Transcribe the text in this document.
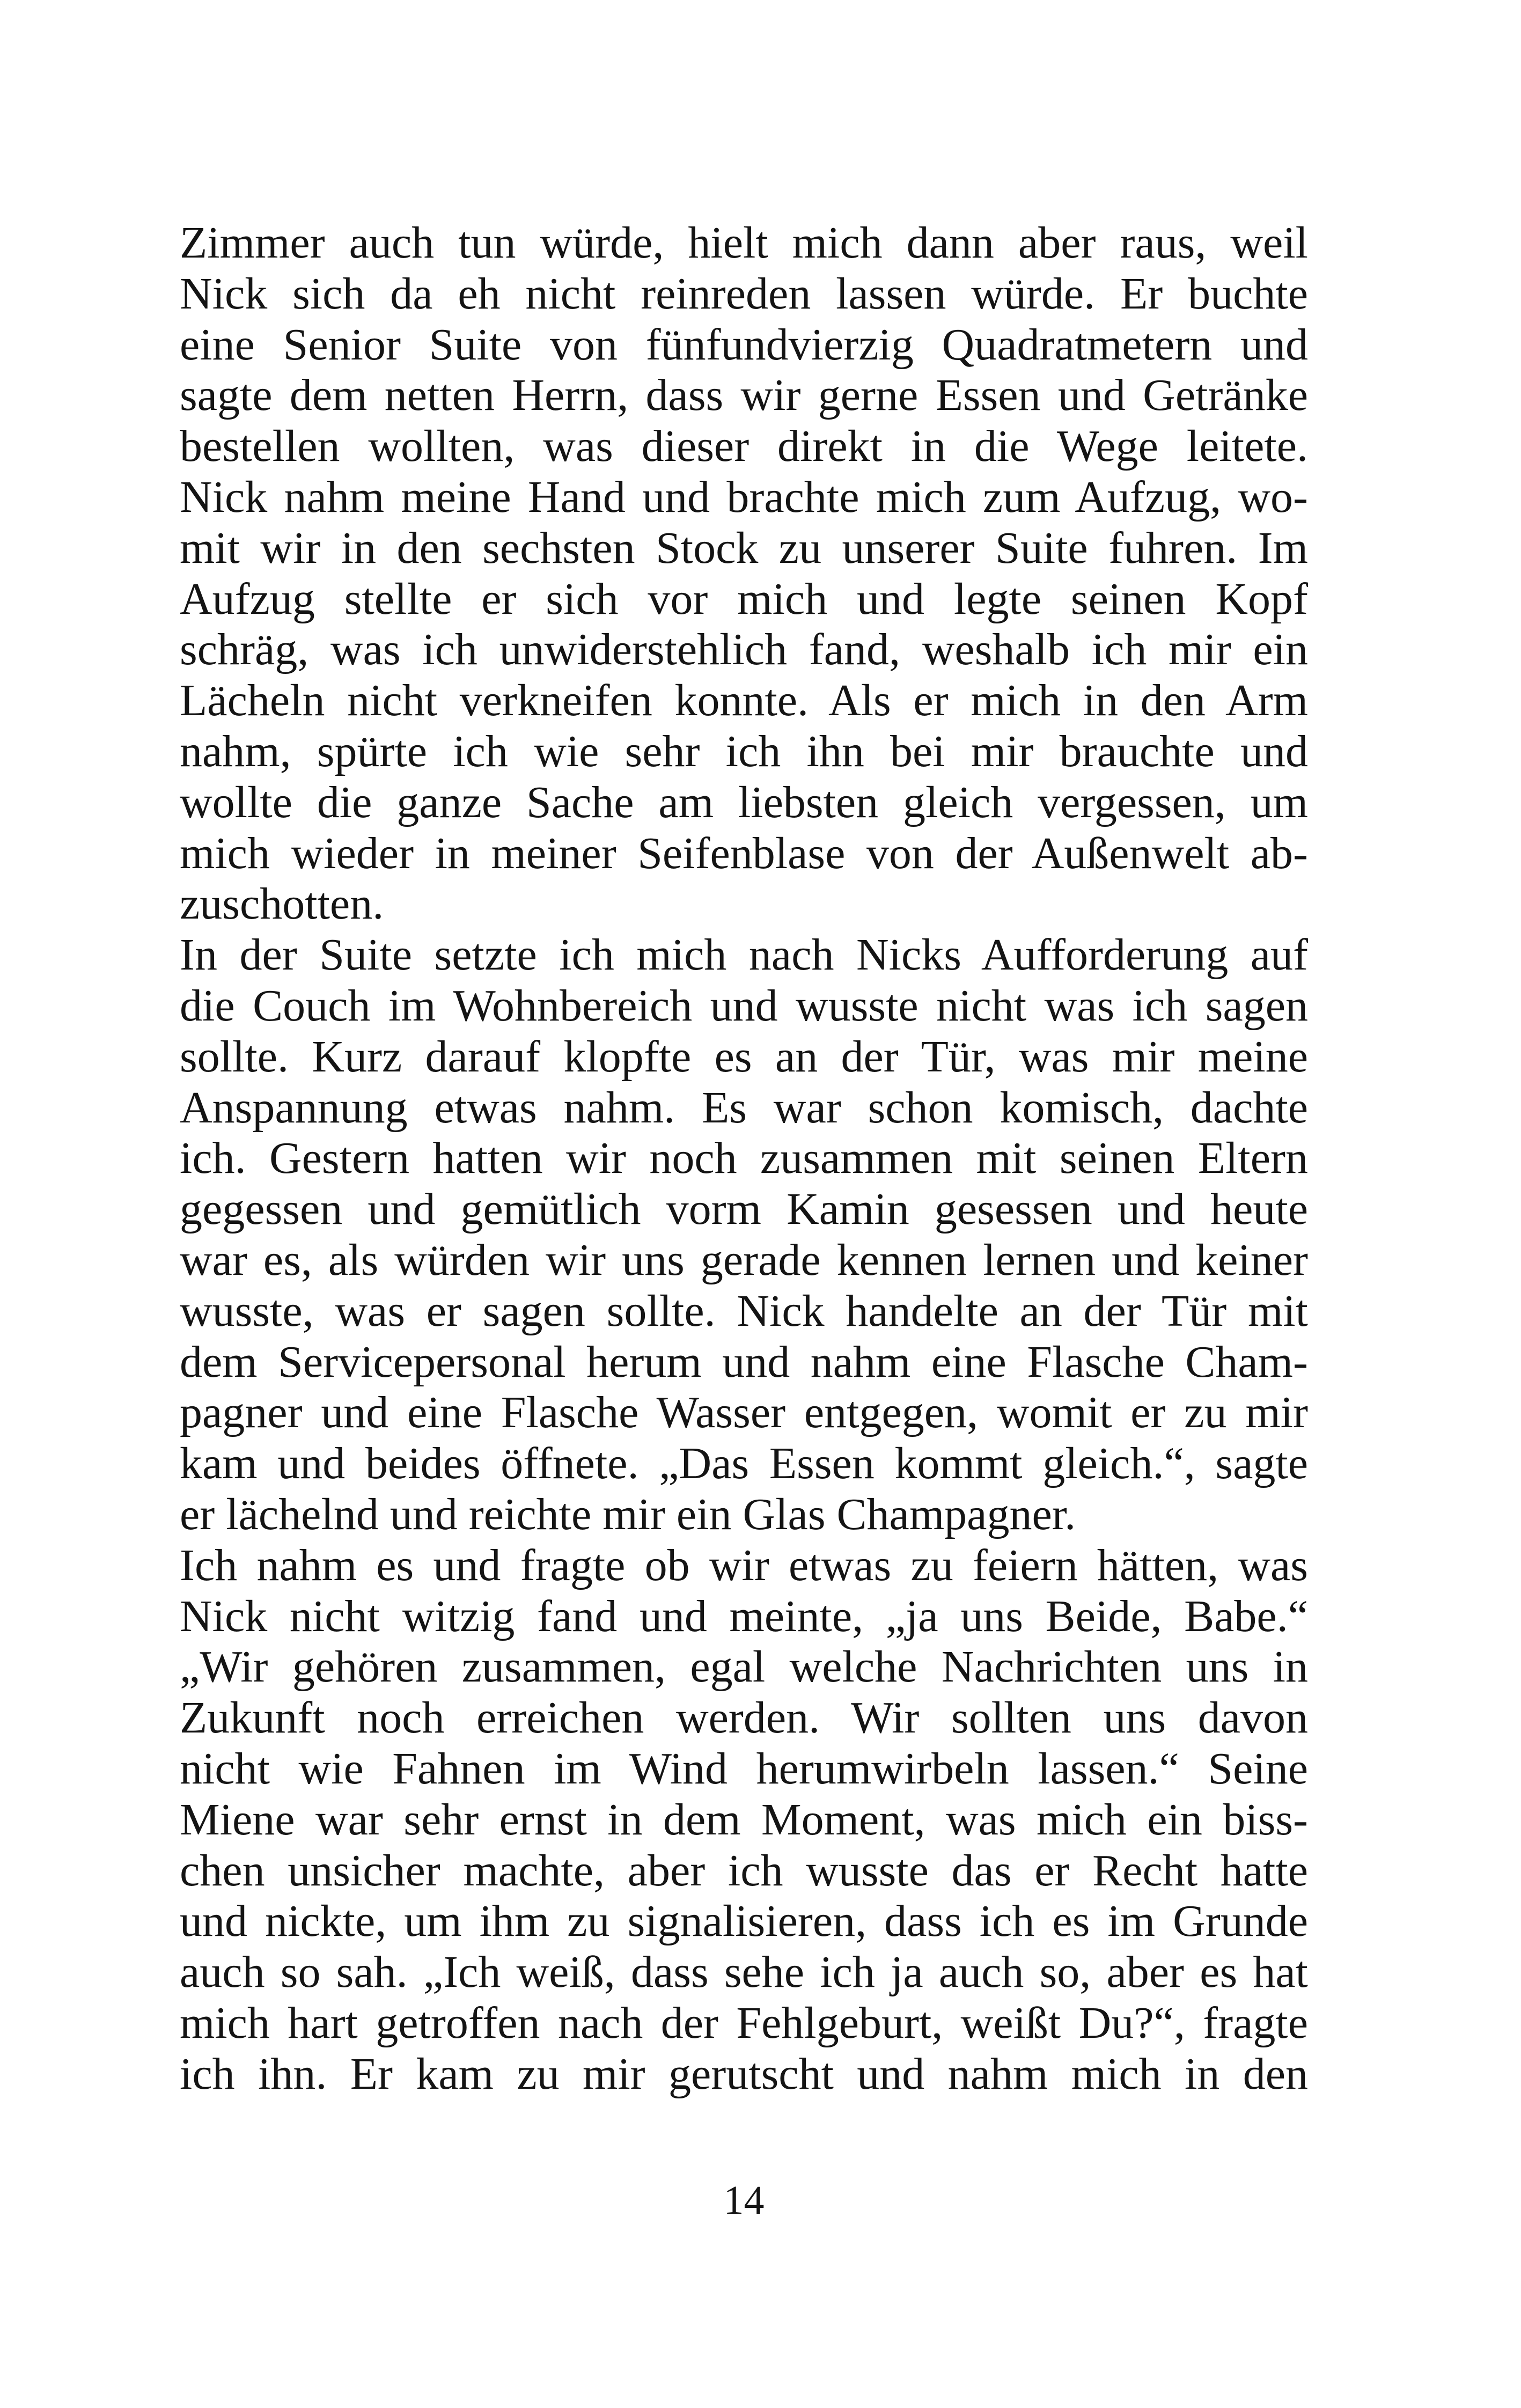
Zimmer auch tun würde, hielt mich dann aber raus, weil
Nick sich da eh nicht reinreden lassen würde. Er buchte
eine Senior Suite von fünfundvierzig Quadratmetern und
sagte dem netten Herrn, dass wir gerne Essen und Getränke
bestellen wollten, was dieser direkt in die Wege leitete.
Nick nahm meine Hand und brachte mich zum Aufzug, wo-
mit wir in den sechsten Stock zu unserer Suite fuhren. Im
Aufzug stellte er sich vor mich und legte seinen Kopf
schräg, was ich unwiderstehlich fand, weshalb ich mir ein
Lächeln nicht verkneifen konnte. Als er mich in den Arm
nahm, spürte ich wie sehr ich ihn bei mir brauchte und
wollte die ganze Sache am liebsten gleich vergessen, um
mich wieder in meiner Seifenblase von der Außenwelt ab-
zuschotten.
In der Suite setzte ich mich nach Nicks Aufforderung auf
die Couch im Wohnbereich und wusste nicht was ich sagen
sollte. Kurz darauf klopfte es an der Tür, was mir meine
Anspannung etwas nahm. Es war schon komisch, dachte
ich. Gestern hatten wir noch zusammen mit seinen Eltern
gegessen und gemütlich vorm Kamin gesessen und heute
war es, als würden wir uns gerade kennen lernen und keiner
wusste, was er sagen sollte. Nick handelte an der Tür mit
dem Servicepersonal herum und nahm eine Flasche Cham-
pagner und eine Flasche Wasser entgegen, womit er zu mir
kam und beides öffnete. „Das Essen kommt gleich.“, sagte
er lächelnd und reichte mir ein Glas Champagner.
Ich nahm es und fragte ob wir etwas zu feiern hätten, was
Nick nicht witzig fand und meinte, „ja uns Beide, Babe.“
„Wir gehören zusammen, egal welche Nachrichten uns in
Zukunft noch erreichen werden. Wir sollten uns davon
nicht wie Fahnen im Wind herumwirbeln lassen.“ Seine
Miene war sehr ernst in dem Moment, was mich ein biss-
chen unsicher machte, aber ich wusste das er Recht hatte
und nickte, um ihm zu signalisieren, dass ich es im Grunde
auch so sah. „Ich weiß, dass sehe ich ja auch so, aber es hat
mich hart getroffen nach der Fehlgeburt, weißt Du?“, fragte
ich ihn. Er kam zu mir gerutscht und nahm mich in den
14
